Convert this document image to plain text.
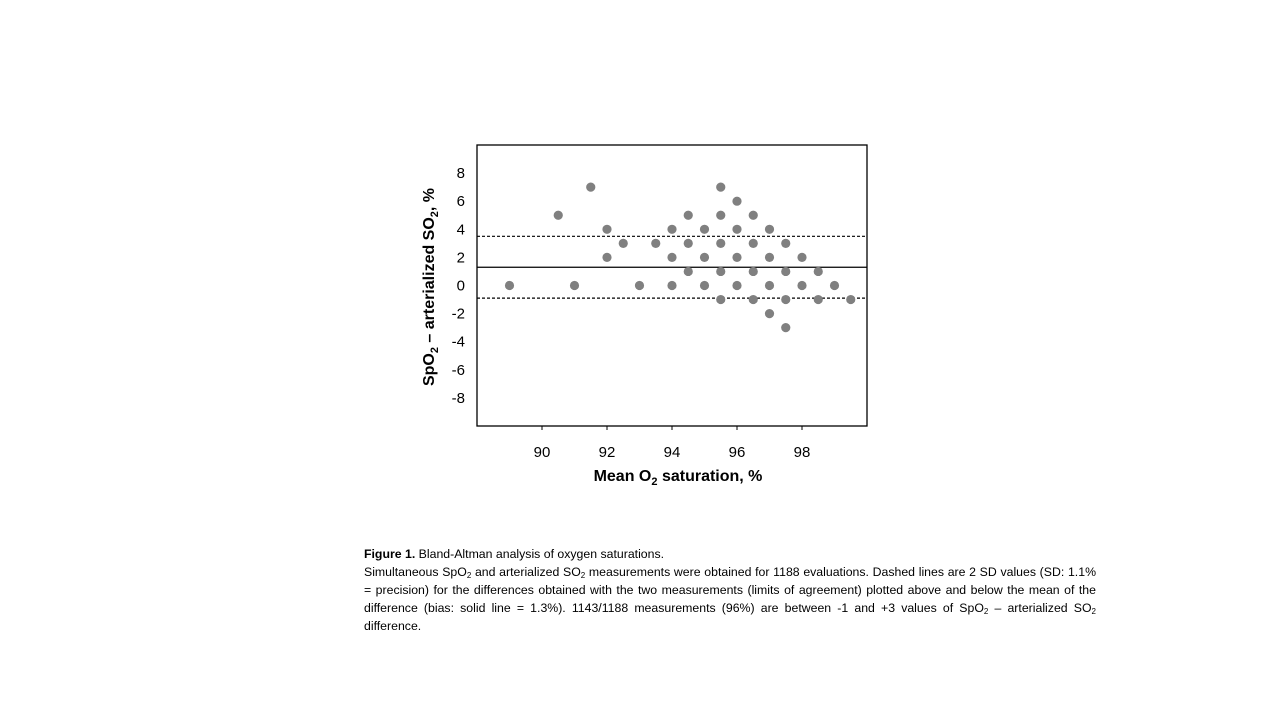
90	92	94	96	98
8
6
4
2
0
-2
-4
-6
-8
Mean $O_2$ saturation, %
SpO$_2$ – arterialized $SO_2$, %
Figure 1. Bland-Altman analysis of oxygen saturations.
Simultaneous SpO$_2$ and arterialized $SO_2$ measurements were obtained for 1188 evaluations. Dashed lines are 2 SD values (SD: 1.1% = precision) for the differences obtained with the two measurements (limits of agreement) plotted above and below the mean of the difference (bias: solid line = 1.3%). 1143/1188 measurements (96%) are between -1 and +3 values of SpO$_2$ – arterialized $SO_2$ difference.
